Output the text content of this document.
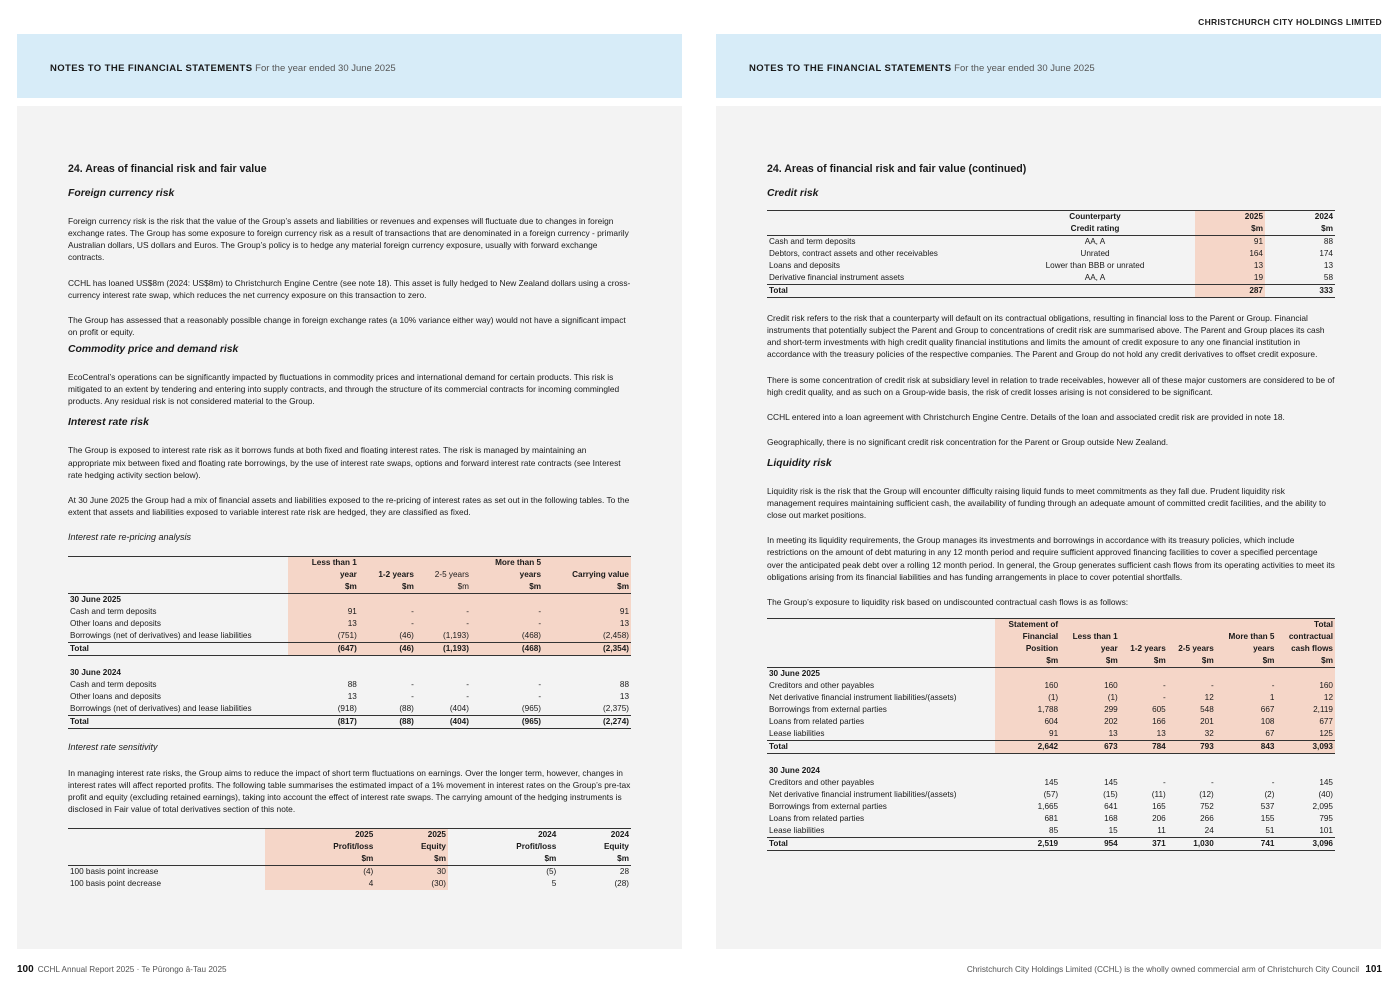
CHRISTCHURCH CITY HOLDINGS LIMITED
NOTES TO THE FINANCIAL STATEMENTS For the year ended 30 June 2025	NOTES TO THE FINANCIAL STATEMENTS For the year ended 30 June 2025
24. Areas of financial risk and fair value
Foreign currency risk

Foreign currency risk is the risk that the value of the Group’s assets and liabilities or revenues and expenses will fluctuate due to changes in foreign exchange rates. The Group has some exposure to foreign currency risk as a result of transactions that are denominated in a foreign currency - primarily Australian dollars, US dollars and Euros. The Group’s policy is to hedge any material foreign currency exposure, usually with forward exchange contracts.

CCHL has loaned US$8m (2024: US$8m) to Christchurch Engine Centre (see note 18). This asset is fully hedged to New Zealand dollars using a cross-currency interest rate swap, which reduces the net currency exposure on this transaction to zero.

The Group has assessed that a reasonably possible change in foreign exchange rates (a 10% variance either way) would not have a significant impact on profit or equity.

Commodity price and demand risk

EcoCentral’s operations can be significantly impacted by fluctuations in commodity prices and international demand for certain products. This risk is mitigated to an extent by tendering and entering into supply contracts, and through the structure of its commercial contracts for incoming commingled products. Any residual risk is not considered material to the Group.

Interest rate risk

The Group is exposed to interest rate risk as it borrows funds at both fixed and floating interest rates. The risk is managed by maintaining an appropriate mix between fixed and floating rate borrowings, by the use of interest rate swaps, options and forward interest rate contracts (see Interest rate hedging activity section below).

At 30 June 2025 the Group had a mix of financial assets and liabilities exposed to the re-pricing of interest rates as set out in the following tables. To the extent that assets and liabilities exposed to variable interest rate risk are hedged, they are classified as fixed.

Interest rate re-pricing analysis

	Less than 1			More than 5	
	year	1-2 years	2-5 years	years	Carrying value
	$m	$m	$m	$m	$m
30 June 2025					
Cash and term deposits	91	-	-	-	91
Other loans and deposits	13	-	-	-	13
Borrowings (net of derivatives) and lease liabilities	(751)	(46)	(1,193)	(468)	(2,458)
Total	(647)	(46)	(1,193)	(468)	(2,354)

30 June 2024					
Cash and term deposits	88	-	-	-	88
Other loans and deposits	13	-	-	-	13
Borrowings (net of derivatives) and lease liabilities	(918)	(88)	(404)	(965)	(2,375)
Total	(817)	(88)	(404)	(965)	(2,274)

Interest rate sensitivity

In managing interest rate risks, the Group aims to reduce the impact of short term fluctuations on earnings. Over the longer term, however, changes in interest rates will affect reported profits. The following table summarises the estimated impact of a 1% movement in interest rates on the Group’s pre-tax profit and equity (excluding retained earnings), taking into account the effect of interest rate swaps. The carrying amount of the hedging instruments is disclosed in Fair value of total derivatives section of this note.

	2025	2025	2024	2024
	Profit/loss	Equity	Profit/loss	Equity
	$m	$m	$m	$m
100 basis point increase	(4)	30	(5)	28
100 basis point decrease	4	(30)	5	(28)
24. Areas of financial risk and fair value (continued)
Credit risk
	Counterparty	2025	2024
	Credit rating	$m	$m
Cash and term deposits	AA, A	91	88
Debtors, contract assets and other receivables	Unrated	164	174
Loans and deposits	Lower than BBB or unrated	13	13
Derivative financial instrument assets	AA, A	19	58
Total		287	333

Credit risk refers to the risk that a counterparty will default on its contractual obligations, resulting in financial loss to the Parent or Group. Financial instruments that potentially subject the Parent and Group to concentrations of credit risk are summarised above. The Parent and Group places its cash and short-term investments with high credit quality financial institutions and limits the amount of credit exposure to any one financial institution in accordance with the treasury policies of the respective companies. The Parent and Group do not hold any credit derivatives to offset credit exposure.

There is some concentration of credit risk at subsidiary level in relation to trade receivables, however all of these major customers are considered to be of high credit quality, and as such on a Group-wide basis, the risk of credit losses arising is not considered to be significant.

CCHL entered into a loan agreement with Christchurch Engine Centre. Details of the loan and associated credit risk are provided in note 18.

Geographically, there is no significant credit risk concentration for the Parent or Group outside New Zealand.

Liquidity risk

Liquidity risk is the risk that the Group will encounter difficulty raising liquid funds to meet commitments as they fall due. Prudent liquidity risk management requires maintaining sufficient cash, the availability of funding through an adequate amount of committed credit facilities, and the ability to close out market positions.

In meeting its liquidity requirements, the Group manages its investments and borrowings in accordance with its treasury policies, which include restrictions on the amount of debt maturing in any 12 month period and require sufficient approved financing facilities to cover a specified percentage over the anticipated peak debt over a rolling 12 month period. In general, the Group generates sufficient cash flows from its operating activities to meet its obligations arising from its financial liabilities and has funding arrangements in place to cover potential shortfalls.

The Group’s exposure to liquidity risk based on undiscounted contractual cash flows is as follows:

	Statement of					Total
	Financial	Less than 1			More than 5	contractual
	Position	year	1-2 years	2-5 years	years	cash flows
	$m	$m	$m	$m	$m	$m
30 June 2025						
Creditors and other payables	160	160	-	-	-	160
Net derivative financial instrument liabilities/(assets)	(1)	(1)	-	12	1	12
Borrowings from external parties	1,788	299	605	548	667	2,119
Loans from related parties	604	202	166	201	108	677
Lease liabilities	91	13	13	32	67	125
Total	2,642	673	784	793	843	3,093

30 June 2024						
Creditors and other payables	145	145	-	-	-	145
Net derivative financial instrument liabilities/(assets)	(57)	(15)	(11)	(12)	(2)	(40)
Borrowings from external parties	1,665	641	165	752	537	2,095
Loans from related parties	681	168	206	266	155	795
Lease liabilities	85	15	11	24	51	101
Total	2,519	954	371	1,030	741	3,096
100 CCHL Annual Report 2025 · Te Pūrongo ā-Tau 2025	Christchurch City Holdings Limited (CCHL) is the wholly owned commercial arm of Christchurch City Council 101
